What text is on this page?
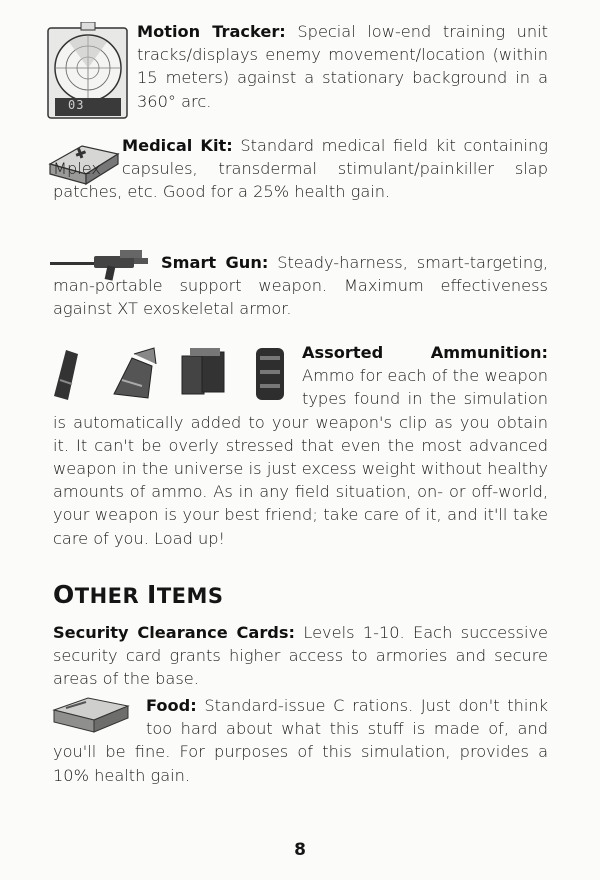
03

Motion Tracker: Special low-end training unit tracks/displays enemy movement/location (within 15 meters) against a stationary background in a 360° arc.

Medical Kit: Standard medical field kit containing Mplex capsules, transdermal stimulant/painkiller slap patches, etc. Good for a 25% health gain.

Smart Gun: Steady-harness, smart-targeting, man-portable support weapon. Maximum effectiveness against XT exoskeletal armor.

Assorted Ammunition: Ammo for each of the weapon types found in the simulation is automatically added to your weapon's clip as you obtain it. It can't be overly stressed that even the most advanced weapon in the universe is just excess weight without healthy amounts of ammo. As in any field situation, on- or off-world, your weapon is your best friend; take care of it, and it'll take care of you. Load up!

OTHER ITEMS

Security Clearance Cards: Levels 1-10. Each successive security card grants higher access to armories and secure areas of the base.

Food: Standard-issue C rations. Just don't think too hard about what this stuff is made of, and you'll be fine. For purposes of this simulation, provides a 10% health gain.

8
